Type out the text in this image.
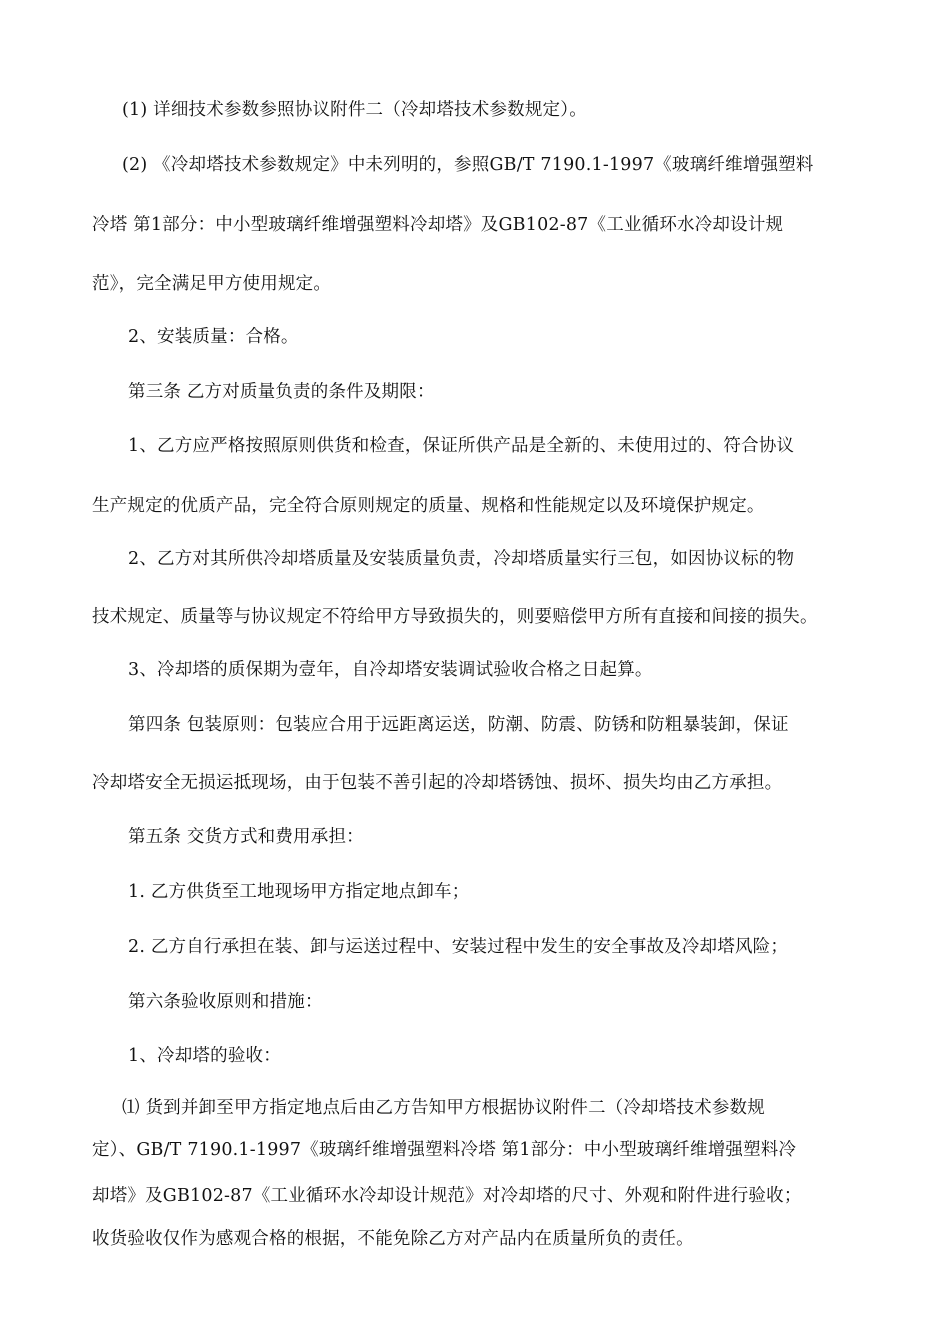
(1) 详细技术参数参照协议附件二（冷却塔技术参数规定）。
(2) 《冷却塔技术参数规定》中未列明的，参照GB/T 7190.1-1997《玻璃纤维增强塑料
冷塔 第1部分：中小型玻璃纤维增强塑料冷却塔》及GB102-87《工业循环水冷却设计规
范》，完全满足甲方使用规定。
2、安装质量：合格。
第三条 乙方对质量负责的条件及期限：
1、乙方应严格按照原则供货和检查，保证所供产品是全新的、未使用过的、符合协议
生产规定的优质产品，完全符合原则规定的质量、规格和性能规定以及环境保护规定。
2、乙方对其所供冷却塔质量及安装质量负责，冷却塔质量实行三包，如因协议标的物
技术规定、质量等与协议规定不符给甲方导致损失的，则要赔偿甲方所有直接和间接的损失。
3、冷却塔的质保期为壹年，自冷却塔安装调试验收合格之日起算。
第四条 包装原则：包装应合用于远距离运送，防潮、防震、防锈和防粗暴装卸，保证
冷却塔安全无损运抵现场，由于包装不善引起的冷却塔锈蚀、损坏、损失均由乙方承担。
第五条 交货方式和费用承担：
1. 乙方供货至工地现场甲方指定地点卸车；
2. 乙方自行承担在装、卸与运送过程中、安装过程中发生的安全事故及冷却塔风险；
第六条验收原则和措施：
1、冷却塔的验收：
⑴ 货到并卸至甲方指定地点后由乙方告知甲方根据协议附件二（冷却塔技术参数规
定）、GB/T 7190.1-1997《玻璃纤维增强塑料冷塔 第1部分：中小型玻璃纤维增强塑料冷
却塔》及GB102-87《工业循环水冷却设计规范》对冷却塔的尺寸、外观和附件进行验收；
收货验收仅作为感观合格的根据，不能免除乙方对产品内在质量所负的责任。
